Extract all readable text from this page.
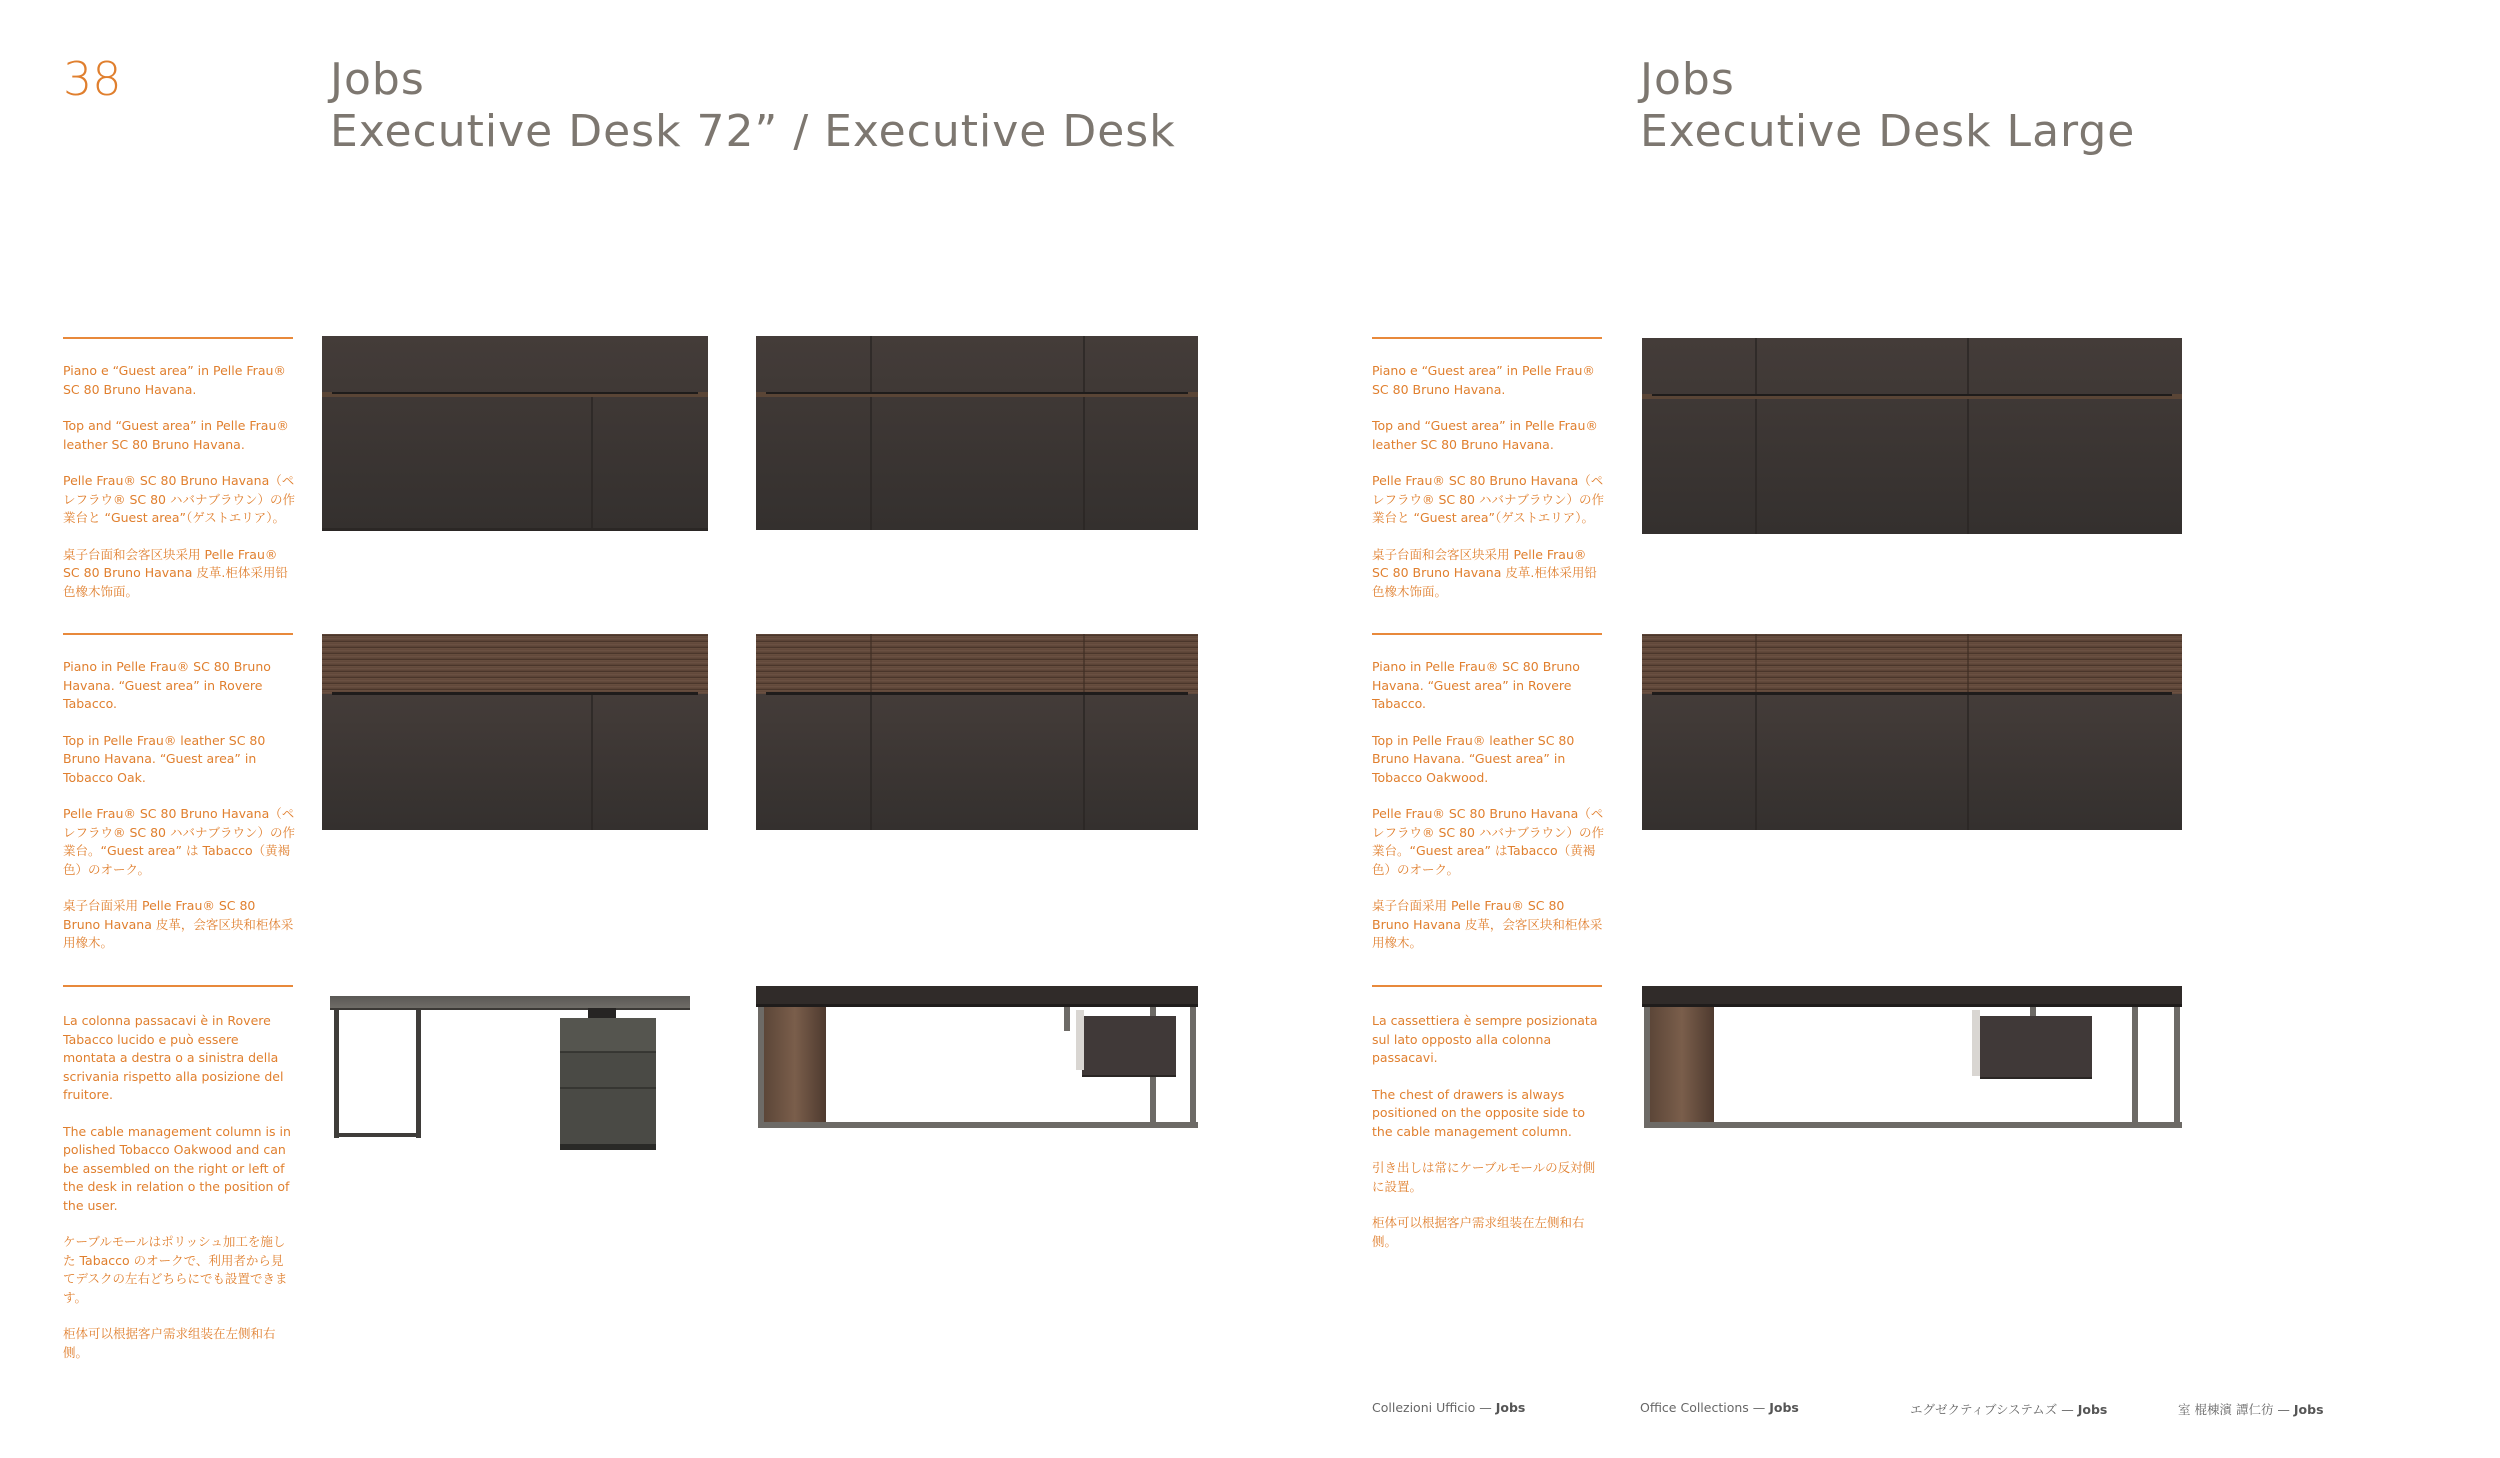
38	Jobs
Executive Desk 72” / Executive Desk
Jobs
Executive Desk Large

Piano e “Guest area” in Pelle Frau® SC 80 Bruno Havana.

Top and “Guest area” in Pelle Frau® leather SC 80 Bruno Havana.

Pelle Frau® SC 80 Bruno Havana（ペレフラウ® SC 80 ハバナブラウン）の作業台と “Guest area”（ゲストエリア）。

桌子台面和会客区块采用 Pelle Frau® SC 80 Bruno Havana 皮革.柜体采用铅色橡木饰面。

Piano in Pelle Frau® SC 80 Bruno Havana. “Guest area” in Rovere Tabacco.

Top in Pelle Frau® leather SC 80 Bruno Havana. “Guest area” in Tobacco Oak.

Pelle Frau® SC 80 Bruno Havana（ペレフラウ® SC 80 ハバナブラウン）の作業台。“Guest area” は Tabacco（黄褐色）のオーク。

桌子台面采用 Pelle Frau® SC 80 Bruno Havana 皮革，会客区块和柜体采用橡木。

La colonna passacavi è in Rovere Tabacco lucido e può essere montata a destra o a sinistra della scrivania rispetto alla posizione del fruitore.

The cable management column is in polished Tobacco Oakwood and can be assembled on the right or left of the desk in relation o the position of the user.

ケーブルモールはポリッシュ加工を施した Tabacco のオークで、利用者から見てデスクの左右どちらにでも設置できます。

柜体可以根据客户需求组装在左侧和右侧。

Piano e “Guest area” in Pelle Frau® SC 80 Bruno Havana.

Top and “Guest area” in Pelle Frau® leather SC 80 Bruno Havana.

Pelle Frau® SC 80 Bruno Havana（ペレフラウ® SC 80 ハバナブラウン）の作業台と “Guest area”（ゲストエリア）。

桌子台面和会客区块采用 Pelle Frau® SC 80 Bruno Havana 皮革.柜体采用铅色橡木饰面。

Piano in Pelle Frau® SC 80 Bruno Havana. “Guest area” in Rovere Tabacco.

Top in Pelle Frau® leather SC 80 Bruno Havana. “Guest area” in Tobacco Oakwood.

Pelle Frau® SC 80 Bruno Havana（ペレフラウ® SC 80 ハバナブラウン）の作業台。“Guest area” はTabacco（黄褐色）のオーク。

桌子台面采用 Pelle Frau® SC 80 Bruno Havana 皮革，会客区块和柜体采用橡木。

La cassettiera è sempre posizionata sul lato opposto alla colonna passacavi.

The chest of drawers is always positioned on the opposite side to the cable management column.

引き出しは常にケーブルモールの反対側に設置。

柜体可以根据客户需求组装在左侧和右侧。

Collezioni Ufficio — Jobs	Office Collections — Jobs	エグゼクティブシステムズ — Jobs	室 棍棟濱 譚仁彷 — Jobs
